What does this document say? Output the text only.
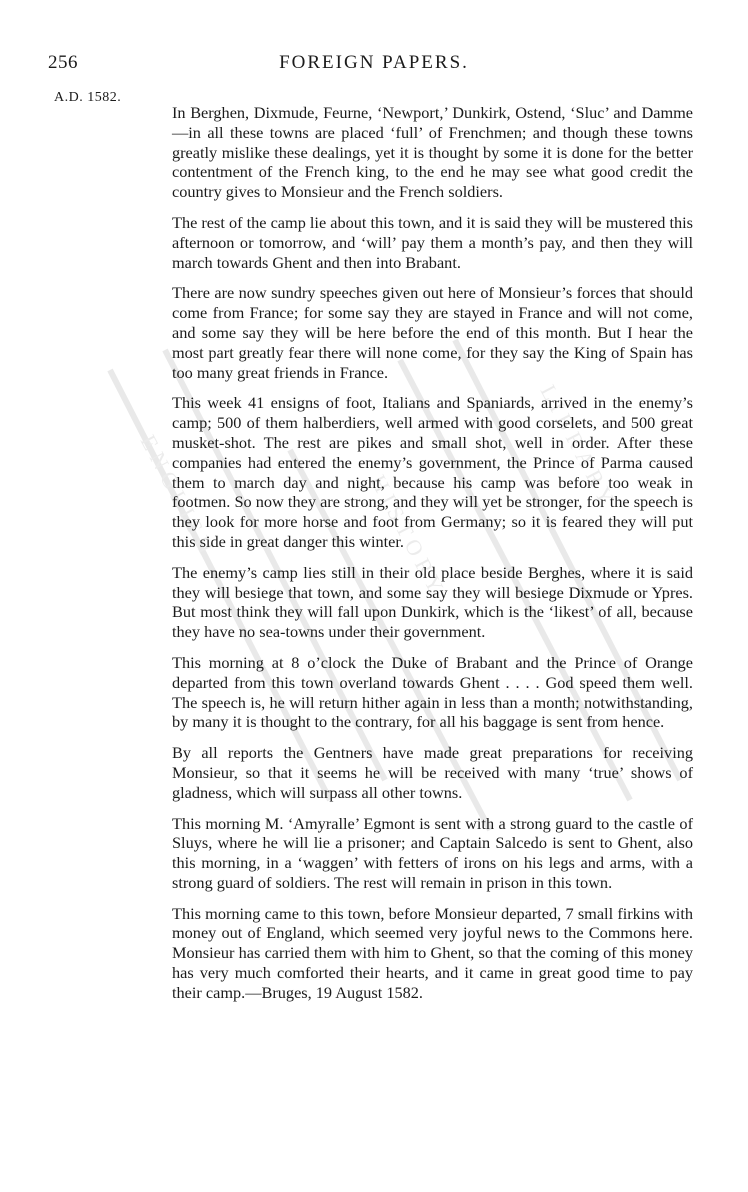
ENGLISH	HISTORY
LIBRARY
256	FOREIGN PAPERS.
A.D. 1582.

In Berghen, Dixmude, Feurne, ‘Newport,’ Dunkirk, Ostend, ‘Sluc’ and Damme—in all these towns are placed ‘full’ of Frenchmen; and though these towns greatly mislike these dealings, yet it is thought by some it is done for the better contentment of the French king, to the end he may see what good credit the country gives to Monsieur and the French soldiers.

The rest of the camp lie about this town, and it is said they will be mustered this afternoon or tomorrow, and ‘will’ pay them a month’s pay, and then they will march towards Ghent and then into Brabant.

There are now sundry speeches given out here of Monsieur’s forces that should come from France; for some say they are stayed in France and will not come, and some say they will be here before the end of this month. But I hear the most part greatly fear there will none come, for they say the King of Spain has too many great friends in France.

This week 41 ensigns of foot, Italians and Spaniards, arrived in the enemy’s camp; 500 of them halberdiers, well armed with good corselets, and 500 great musket-shot. The rest are pikes and small shot, well in order. After these companies had entered the enemy’s government, the Prince of Parma caused them to march day and night, because his camp was before too weak in footmen. So now they are strong, and they will yet be stronger, for the speech is they look for more horse and foot from Germany; so it is feared they will put this side in great danger this winter.

The enemy’s camp lies still in their old place beside Berghes, where it is said they will besiege that town, and some say they will besiege Dixmude or Ypres. But most think they will fall upon Dunkirk, which is the ‘likest’ of all, because they have no sea-towns under their government.

This morning at 8 o’clock the Duke of Brabant and the Prince of Orange departed from this town overland towards Ghent . . . . God speed them well. The speech is, he will return hither again in less than a month; notwithstanding, by many it is thought to the contrary, for all his baggage is sent from hence.

By all reports the Gentners have made great preparations for receiving Monsieur, so that it seems he will be received with many ‘true’ shows of gladness, which will surpass all other towns.

This morning M. ‘Amyralle’ Egmont is sent with a strong guard to the castle of Sluys, where he will lie a prisoner; and Captain Salcedo is sent to Ghent, also this morning, in a ‘waggen’ with fetters of irons on his legs and arms, with a strong guard of soldiers. The rest will remain in prison in this town.

This morning came to this town, before Monsieur departed, 7 small firkins with money out of England, which seemed very joyful news to the Commons here. Monsieur has carried them with him to Ghent, so that the coming of this money has very much comforted their hearts, and it came in great good time to pay their camp.—Bruges, 19 August 1582.
